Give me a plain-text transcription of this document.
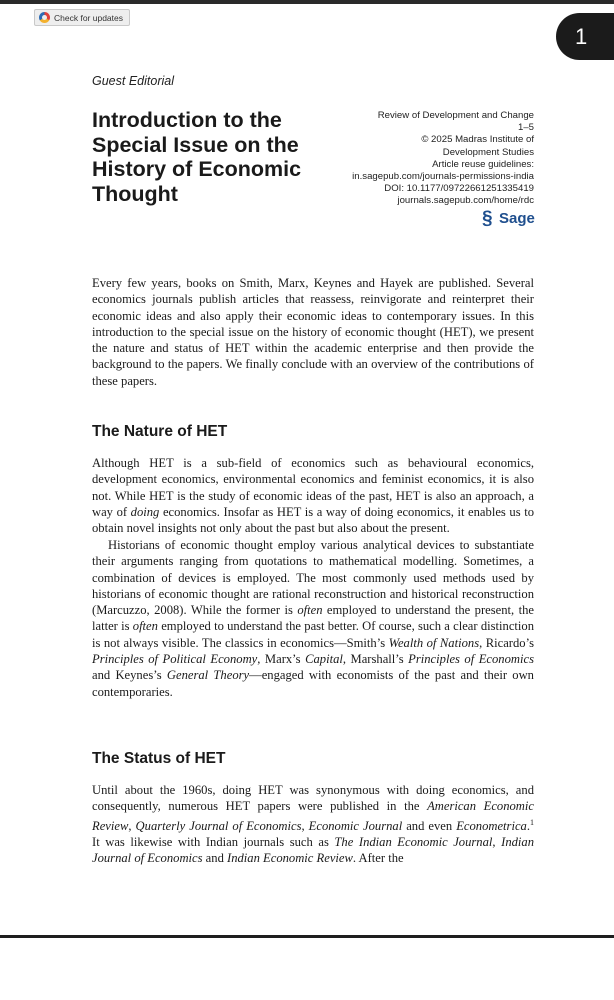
Check for updates
1
Guest Editorial
Introduction to the Special Issue on the History of Economic Thought
Review of Development and Change
1–5
© 2025 Madras Institute of
Development Studies
Article reuse guidelines:
in.sagepub.com/journals-permissions-india
DOI: 10.1177/09722661251335419
journals.sagepub.com/home/rdc
§ Sage

Every few years, books on Smith, Marx, Keynes and Hayek are published. Several economics journals publish articles that reassess, reinvigorate and reinterpret their economic ideas and also apply their economic ideas to contemporary issues. In this introduction to the special issue on the history of economic thought (HET), we present the nature and status of HET within the academic enterprise and then provide the background to the papers. We finally conclude with an overview of the contributions of these papers.

The Nature of HET

Although HET is a sub-field of economics such as behavioural economics, development economics, environmental economics and feminist economics, it is also not. While HET is the study of economic ideas of the past, HET is also an approach, a way of doing economics. Insofar as HET is a way of doing economics, it enables us to obtain novel insights not only about the past but also about the present.

Historians of economic thought employ various analytical devices to substantiate their arguments ranging from quotations to mathematical modelling. Sometimes, a combination of devices is employed. The most commonly used methods used by historians of economic thought are rational reconstruction and historical reconstruction (Marcuzzo, 2008). While the former is often employed to understand the present, the latter is often employed to understand the past better. Of course, such a clear distinction is not always visible. The classics in economics—Smith’s Wealth of Nations, Ricardo’s Principles of Political Economy, Marx’s Capital, Marshall’s Principles of Economics and Keynes’s General Theory—engaged with economists of the past and their own contemporaries.

The Status of HET

Until about the 1960s, doing HET was synonymous with doing economics, and consequently, numerous HET papers were published in the American Economic Review, Quarterly Journal of Economics, Economic Journal and even Econometrica.$^1$ It was likewise with Indian journals such as The Indian Economic Journal, Indian Journal of Economics and Indian Economic Review. After the
